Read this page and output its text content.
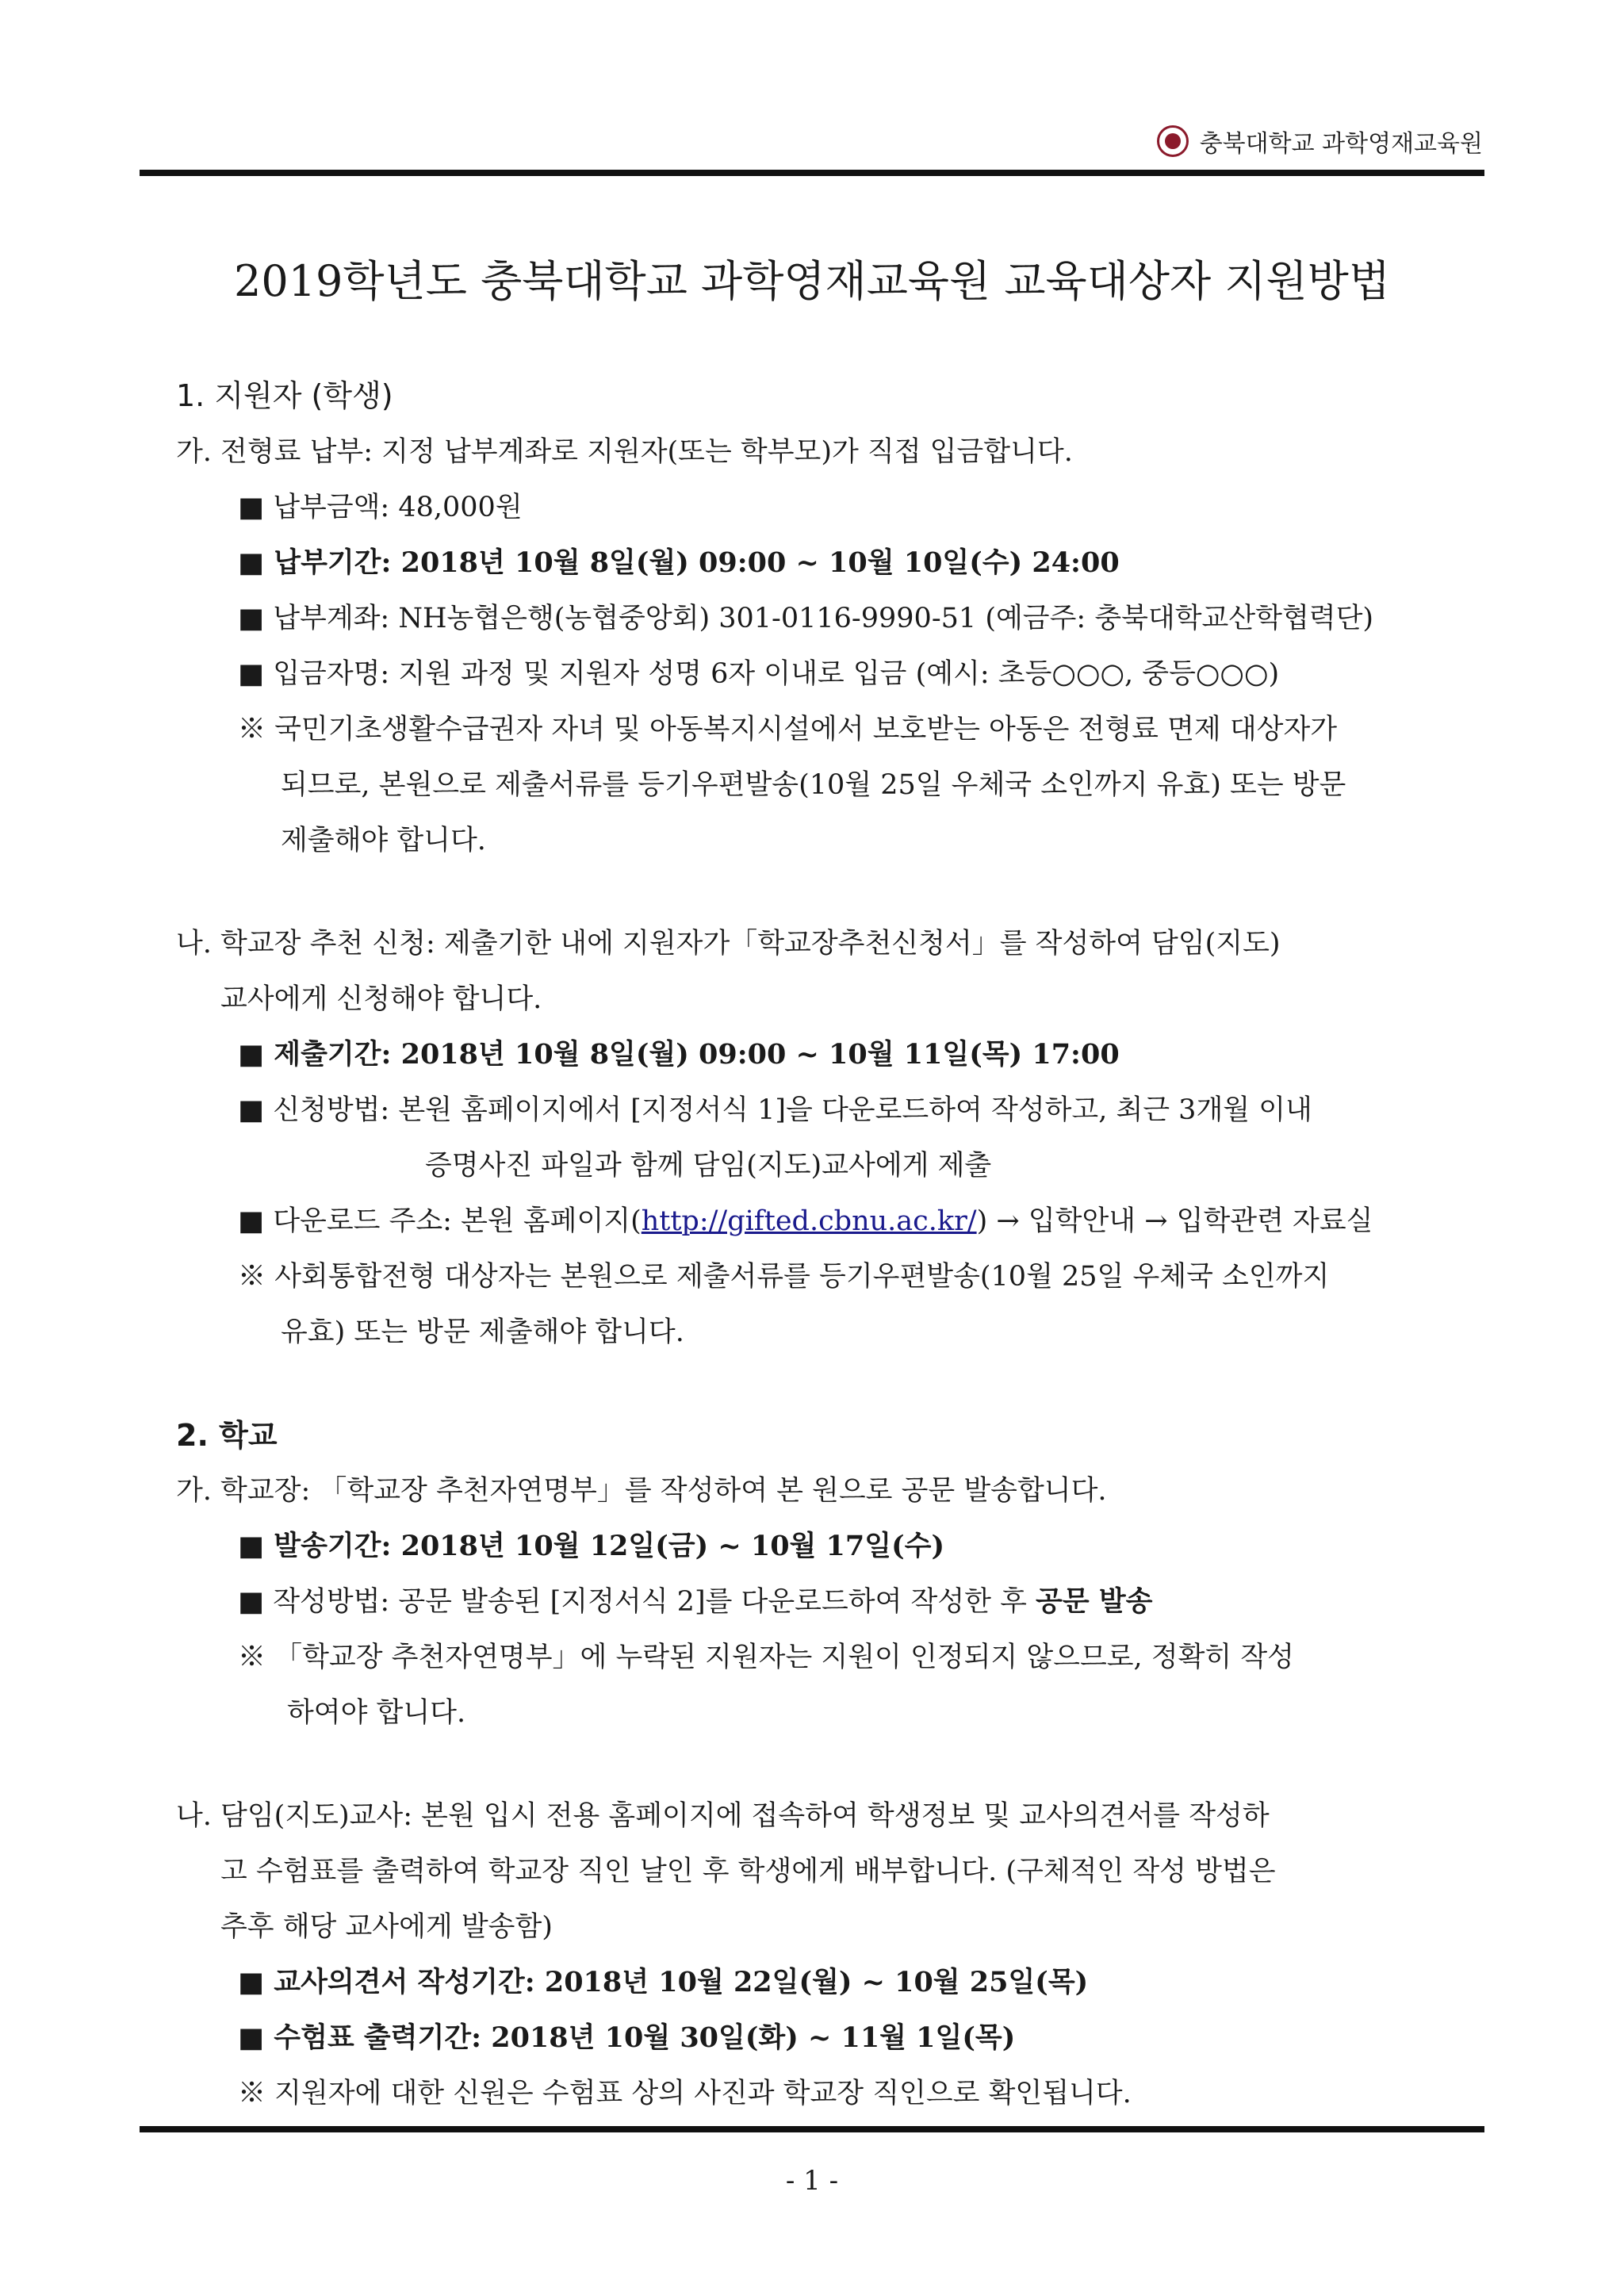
충북대학교 과학영재교육원
2019학년도 충북대학교 과학영재교육원 교육대상자 지원방법
1. 지원자 (학생)
가. 전형료 납부: 지정 납부계좌로 지원자(또는 학부모)가 직접 입금합니다.
■ 납부금액: 48,000원
■ 납부기간: 2018년 10월 8일(월) 09:00 ~ 10월 10일(수) 24:00
■ 납부계좌: NH농협은행(농협중앙회) 301-0116-9990-51 (예금주: 충북대학교산학협력단)
■ 입금자명: 지원 과정 및 지원자 성명 6자 이내로 입금 (예시: 초등○○○, 중등○○○)
※ 국민기초생활수급권자 자녀 및 아동복지시설에서 보호받는 아동은 전형료 면제 대상자가
되므로, 본원으로 제출서류를 등기우편발송(10월 25일 우체국 소인까지 유효) 또는 방문
제출해야 합니다.
나. 학교장 추천 신청: 제출기한 내에 지원자가「학교장추천신청서」를 작성하여 담임(지도)
교사에게 신청해야 합니다.
■ 제출기간: 2018년 10월 8일(월) 09:00 ~ 10월 11일(목) 17:00
■ 신청방법: 본원 홈페이지에서 [지정서식 1]을 다운로드하여 작성하고, 최근 3개월 이내
증명사진 파일과 함께 담임(지도)교사에게 제출
■ 다운로드 주소: 본원 홈페이지(http://gifted.cbnu.ac.kr/) → 입학안내 → 입학관련 자료실
※ 사회통합전형 대상자는 본원으로 제출서류를 등기우편발송(10월 25일 우체국 소인까지
유효) 또는 방문 제출해야 합니다.
2. 학교
가. 학교장: 「학교장 추천자연명부」를 작성하여 본 원으로 공문 발송합니다.
■ 발송기간: 2018년 10월 12일(금) ~ 10월 17일(수)
■ 작성방법: 공문 발송된 [지정서식 2]를 다운로드하여 작성한 후 공문 발송
※ 「학교장 추천자연명부」에 누락된 지원자는 지원이 인정되지 않으므로, 정확히 작성
하여야 합니다.
나. 담임(지도)교사: 본원 입시 전용 홈페이지에 접속하여 학생정보 및 교사의견서를 작성하
고 수험표를 출력하여 학교장 직인 날인 후 학생에게 배부합니다. (구체적인 작성 방법은
추후 해당 교사에게 발송함)
■ 교사의견서 작성기간: 2018년 10월 22일(월) ~ 10월 25일(목)
■ 수험표 출력기간: 2018년 10월 30일(화) ~ 11월 1일(목)
※ 지원자에 대한 신원은 수험표 상의 사진과 학교장 직인으로 확인됩니다.
- 1 -
